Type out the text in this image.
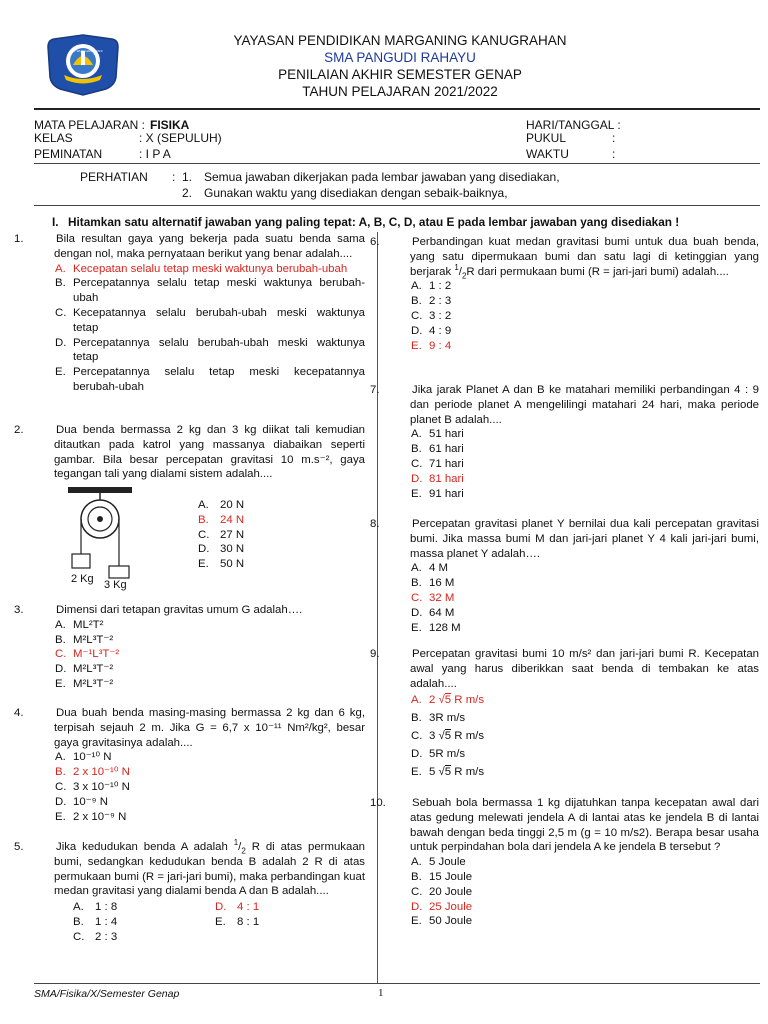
TUT WURI HANDAYANI
YAYASAN PENDIDIKAN MARGANING KANUGRAHAN
SMA PANGUDI RAHAYU
PENILAIAN AKHIR SEMESTER GENAP
TAHUN PELAJARAN 2021/2022
MATA PELAJARAN : FISIKA
KELAS	: X (SEPULUH)
PEMINATAN	: I P A
HARI/TANGGAL :
PUKUL	:
WAKTU	:
PERHATIAN : 1. Semua jawaban dikerjakan pada lembar jawaban yang disediakan,
2. Gunakan waktu yang disediakan dengan sebaik-baiknya,
I. Hitamkan satu alternatif jawaban yang paling tepat: A, B, C, D, atau E pada lembar jawaban yang disediakan !
1.	Bila resultan gaya yang bekerja pada suatu benda sama dengan nol, maka pernyataan berikut yang benar adalah....
A. Kecepatan selalu tetap meski waktunya berubah-ubah
B. Percepatannya selalu tetap meski waktunya berubah-ubah
C. Kecepatannya selalu berubah-ubah meski waktunya tetap
D. Percepatannya selalu berubah-ubah meski waktunya tetap
E. Percepatannya selalu tetap meski kecepatannya berubah-ubah
2.	Dua benda bermassa 2 kg dan 3 kg diikat tali kemudian ditautkan pada katrol yang massanya diabaikan seperti gambar. Bila besar percepatan gravitasi 10 m.s⁻², gaya tegangan tali yang dialami sistem adalah....
2 Kg 3 Kg
A. 20 N
B. 24 N
C. 27 N
D. 30 N
E. 50 N
3.	Dimensi dari tetapan gravitas umum G adalah….
A. ML²T²
B. M²L³T⁻²
C. M⁻¹L³T⁻²
D. M²L³T⁻²
E. M²L³T⁻²
4.	Dua buah benda masing-masing bermassa 2 kg dan 6 kg, terpisah sejauh 2 m. Jika G = 6,7 x 10⁻¹¹ Nm²/kg², besar gaya gravitasinya adalah....
A. 10⁻¹⁰ N
B. 2 x 10⁻¹⁰ N
C. 3 x 10⁻¹⁰ N
D. 10⁻⁹ N
E. 2 x 10⁻⁹ N
5.	Jika kedudukan benda A adalah $^1/_2$ R di atas permukaan bumi, sedangkan kedudukan benda B adalah 2 R di atas permukaan bumi (R = jari-jari bumi), maka perbandingan kuat medan gravitasi yang dialami benda A dan B adalah....
A. 1 : 8
B. 1 : 4
C. 2 : 3
D. 4 : 1
E. 8 : 1
6.	Perbandingan kuat medan gravitasi bumi untuk dua buah benda, yang satu dipermukaan bumi dan satu lagi di ketinggian yang berjarak $^1/_2R$ dari permukaan bumi (R = jari-jari bumi) adalah....
A. 1 : 2
B. 2 : 3
C. 3 : 2
D. 4 : 9
E. 9 : 4
7.	Jika jarak Planet A dan B ke matahari memiliki perbandingan 4 : 9 dan periode planet A mengelilingi matahari 24 hari, maka periode planet B adalah....
A. 51 hari
B. 61 hari
C. 71 hari
D. 81 hari
E. 91 hari
8.	Percepatan gravitasi planet Y bernilai dua kali percepatan gravitasi bumi. Jika massa bumi M dan jari-jari planet Y 4 kali jari-jari bumi, massa planet Y adalah….
A. 4 M
B. 16 M
C. 32 M
D. 64 M
E. 128 M
9.	Percepatan gravitasi bumi 10 m/s² dan jari-jari bumi R. Kecepatan awal yang harus diberikkan saat benda di tembakan ke atas adalah....
A. 2 √5 R m/s
B. 3R m/s
C. 3 √5 R m/s
D. 5R m/s
E. 5 √5 R m/s
10. Sebuah bola bermassa 1 kg dijatuhkan tanpa kecepatan awal dari atas gedung melewati jendela A di lantai atas ke jendela B di lantai bawah dengan beda tinggi 2,5 m (g = 10 m/s2). Berapa besar usaha untuk perpindahan bola dari jendela A ke jendela B tersebut ?
A. 5 Joule
B. 15 Joule
C. 20 Joule
D. 25 Joule
E. 50 Joule
SMA/Fisika/X/Semester Genap	1
